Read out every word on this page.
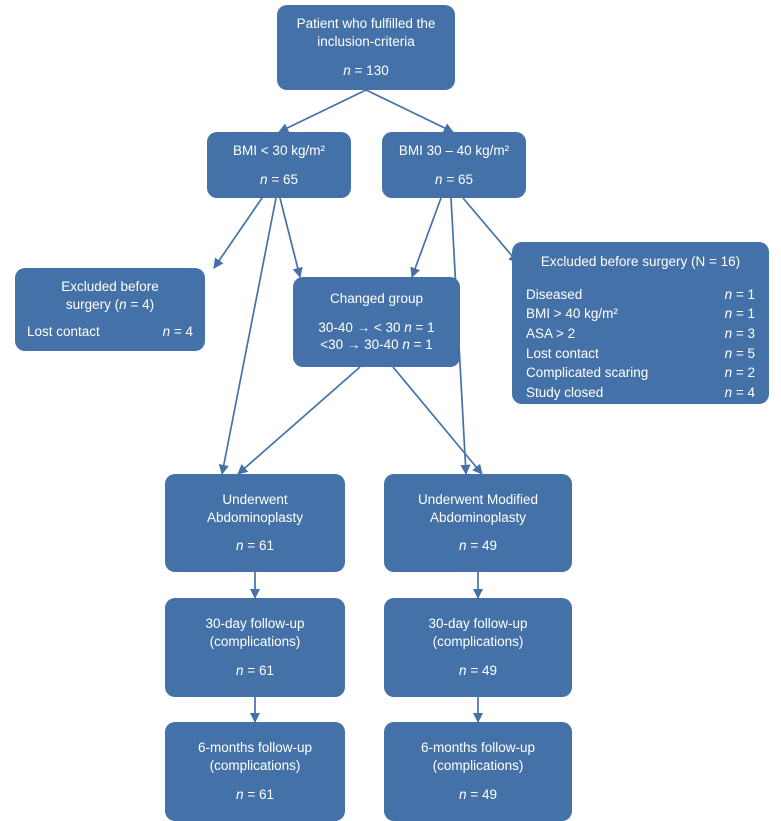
Patient who fulfilled the
inclusion-criteria
n = 130
BMI < 30 kg/m²
n = 65
BMI 30 – 40 kg/m²
n = 65
Excluded before
surgery (n = 4)
Lost contact	n = 4
Changed group
30-40 → < 30 n = 1
<30 → 30-40 n = 1
Excluded before surgery (N = 16)
Diseased	n = 1
BMI > 40 kg/m²	n = 1
ASA > 2	n = 3
Lost contact	n = 5
Complicated scaring	n = 2
Study closed	n = 4
Underwent
Abdominoplasty
n = 61
Underwent Modified
Abdominoplasty
n = 49
30-day follow-up
(complications)
n = 61
30-day follow-up
(complications)
n = 49
6-months follow-up
(complications)
n = 61
6-months follow-up
(complications)
n = 49
